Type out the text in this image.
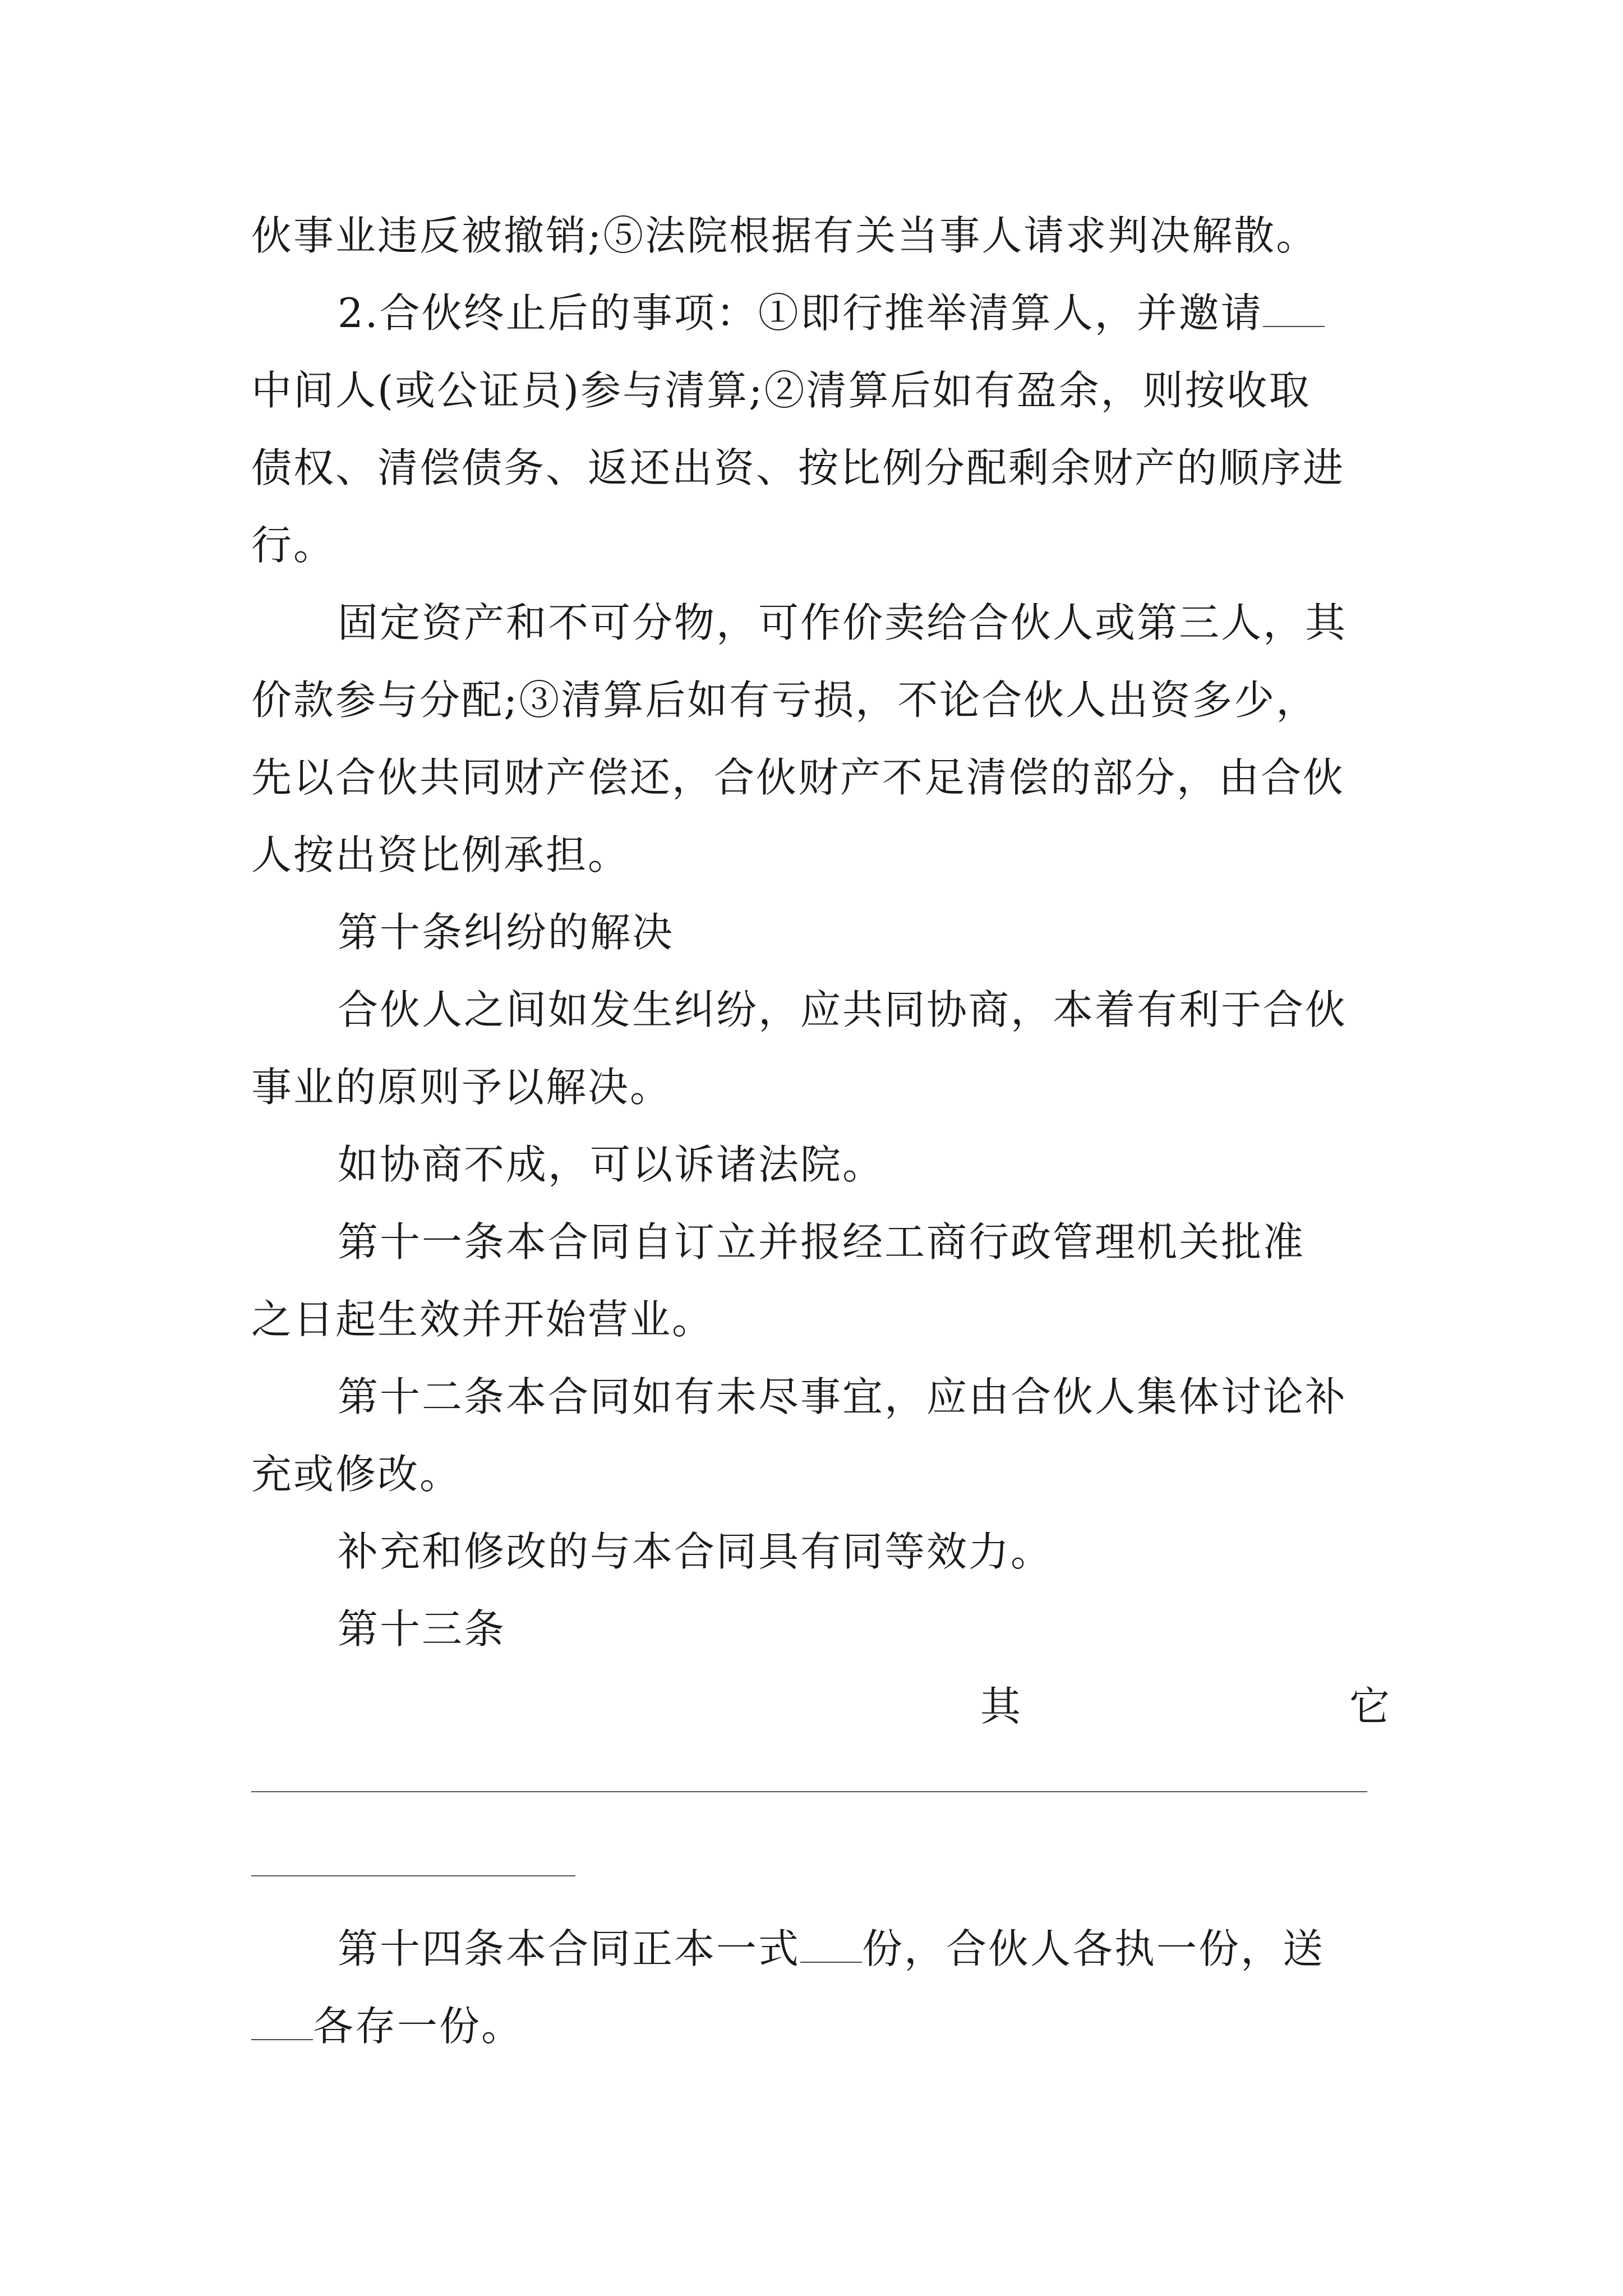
伙事业违反被撤销;⑤法院根据有关当事人请求判决解散。
2.合伙终止后的事项：①即行推举清算人，并邀请
中间人(或公证员)参与清算;②清算后如有盈余，则按收取
债权、清偿债务、返还出资、按比例分配剩余财产的顺序进
行。
固定资产和不可分物，可作价卖给合伙人或第三人，其
价款参与分配;③清算后如有亏损，不论合伙人出资多少，
先以合伙共同财产偿还，合伙财产不足清偿的部分，由合伙
人按出资比例承担。
第十条纠纷的解决
合伙人之间如发生纠纷，应共同协商，本着有利于合伙
事业的原则予以解决。
如协商不成，可以诉诸法院。
第十一条本合同自订立并报经工商行政管理机关批准
之日起生效并开始营业。
第十二条本合同如有未尽事宜，应由合伙人集体讨论补
充或修改。
补充和修改的与本合同具有同等效力。
第十三条
其	它
第十四条本合同正本一式 份，合伙人各执一份，送
各存一份。
